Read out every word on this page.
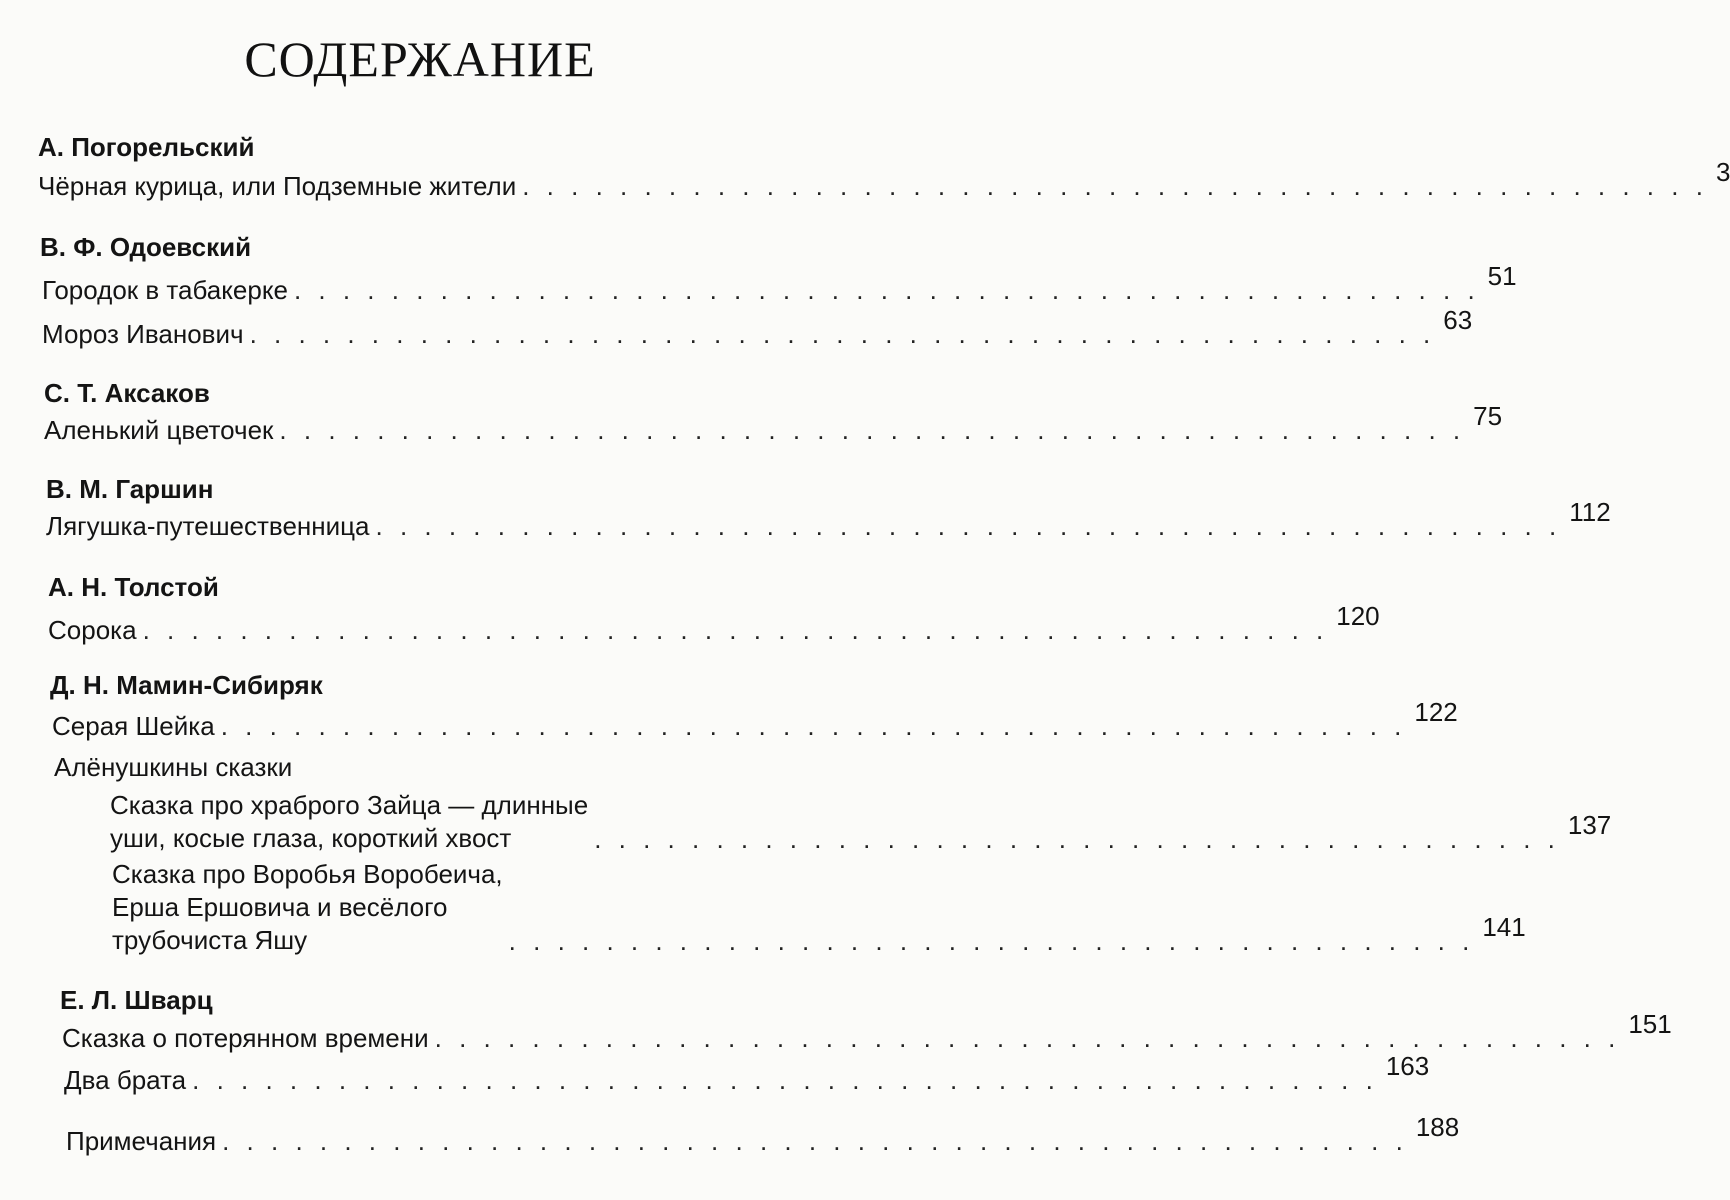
СОДЕРЖАНИЕ
А. Погорельский
Чёрная курица, или Подземные жители . . . . . . . . . . . . . . . . . . . . . . . . . . . . . . . . . . . . . . . . . . . . . . . . . 3
В. Ф. Одоевский
Городок в табакерке . . . . . . . . . . . . . . . . . . . . . . . . . . . . . . . . . . . . . . . . . . . . . . . . . 51
Мороз Иванович . . . . . . . . . . . . . . . . . . . . . . . . . . . . . . . . . . . . . . . . . . . . . . . . . 63
С. Т. Аксаков
Аленький цветочек . . . . . . . . . . . . . . . . . . . . . . . . . . . . . . . . . . . . . . . . . . . . . . . . . 75
В. М. Гаршин
Лягушка-путешественница . . . . . . . . . . . . . . . . . . . . . . . . . . . . . . . . . . . . . . . . . . . . . . . . . 112
А. Н. Толстой
Сорока . . . . . . . . . . . . . . . . . . . . . . . . . . . . . . . . . . . . . . . . . . . . . . . . . 120
Д. Н. Мамин-Сибиряк
Серая Шейка . . . . . . . . . . . . . . . . . . . . . . . . . . . . . . . . . . . . . . . . . . . . . . . . . 122
Алёнушкины сказки
Сказка про храброго Зайца — длинные
уши, косые глаза, короткий хвост	. . . . . . . . . . . . . . . . . . . . . . . . . . . . . . . . . . . . . . . . 137
Сказка про Воробья Воробеича,
Ерша Ершовича и весёлого
трубочиста Яшу	. . . . . . . . . . . . . . . . . . . . . . . . . . . . . . . . . . . . . . . . 141
Е. Л. Шварц
Сказка о потерянном времени . . . . . . . . . . . . . . . . . . . . . . . . . . . . . . . . . . . . . . . . . . . . . . . . . 151
Два брата . . . . . . . . . . . . . . . . . . . . . . . . . . . . . . . . . . . . . . . . . . . . . . . . . 163
Примечания . . . . . . . . . . . . . . . . . . . . . . . . . . . . . . . . . . . . . . . . . . . . . . . . . 188
